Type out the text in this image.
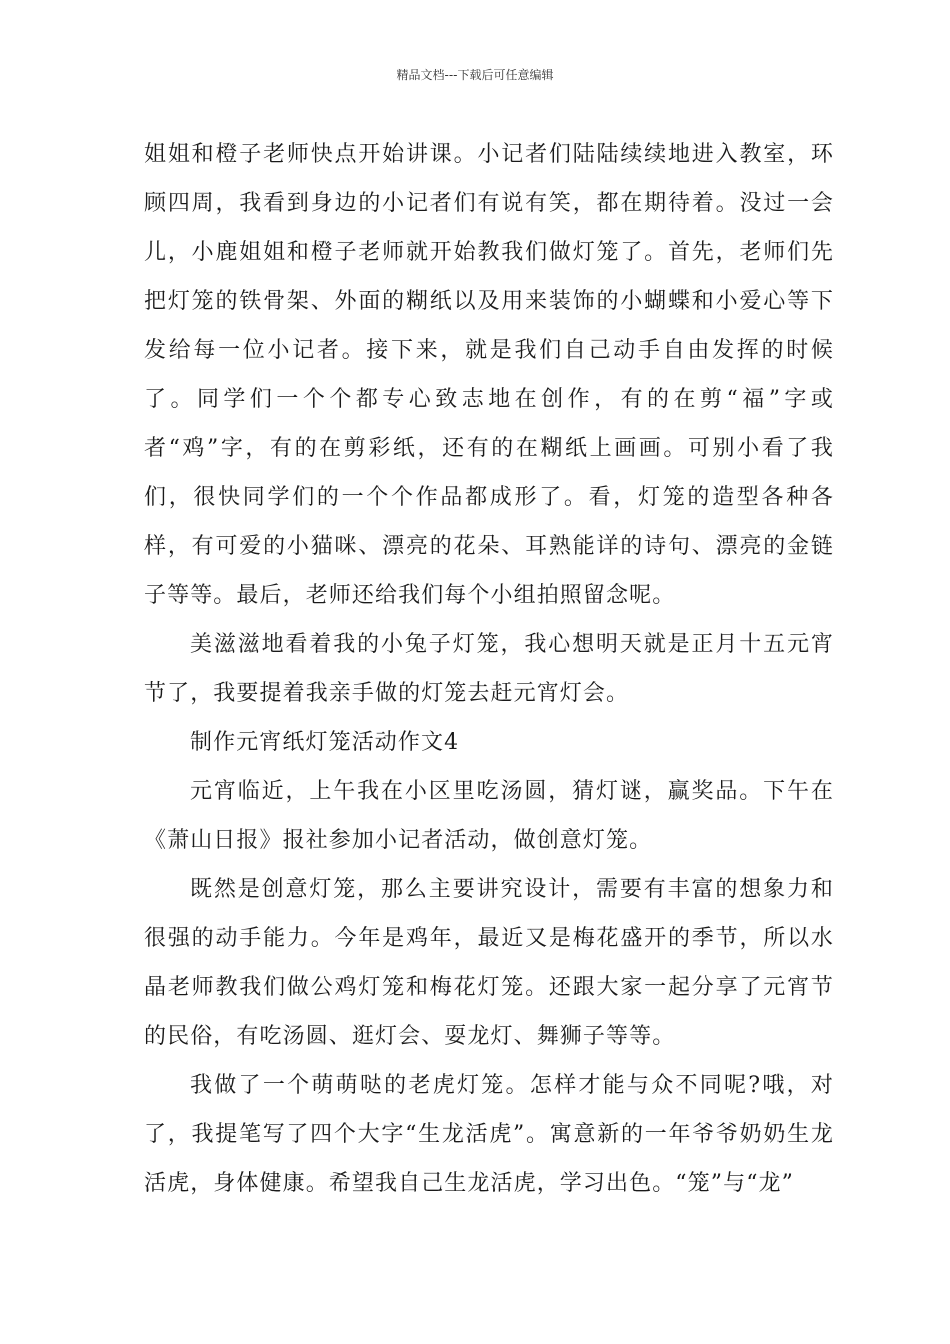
精品文档---下载后可任意编辑

姐姐和橙子老师快点开始讲课。小记者们陆陆续续地进入教室，环顾四周，我看到身边的小记者们有说有笑，都在期待着。没过一会儿，小鹿姐姐和橙子老师就开始教我们做灯笼了。首先，老师们先把灯笼的铁骨架、外面的糊纸以及用来装饰的小蝴蝶和小爱心等下发给每一位小记者。接下来，就是我们自己动手自由发挥的时候了。同学们一个个都专心致志地在创作，有的在剪“福”字或者“鸡”字，有的在剪彩纸，还有的在糊纸上画画。可别小看了我们，很快同学们的一个个作品都成形了。看，灯笼的造型各种各样，有可爱的小猫咪、漂亮的花朵、耳熟能详的诗句、漂亮的金链子等等。最后，老师还给我们每个小组拍照留念呢。

美滋滋地看着我的小兔子灯笼，我心想明天就是正月十五元宵节了，我要提着我亲手做的灯笼去赶元宵灯会。

制作元宵纸灯笼活动作文4

元宵临近，上午我在小区里吃汤圆，猜灯谜，赢奖品。下午在《萧山日报》报社参加小记者活动，做创意灯笼。

既然是创意灯笼，那么主要讲究设计，需要有丰富的想象力和很强的动手能力。今年是鸡年，最近又是梅花盛开的季节，所以水晶老师教我们做公鸡灯笼和梅花灯笼。还跟大家一起分享了元宵节的民俗，有吃汤圆、逛灯会、耍龙灯、舞狮子等等。

我做了一个萌萌哒的老虎灯笼。怎样才能与众不同呢?哦，对了，我提笔写了四个大字“生龙活虎”。寓意新的一年爷爷奶奶生龙活虎，身体健康。希望我自己生龙活虎，学习出色。“笼”与“龙”
